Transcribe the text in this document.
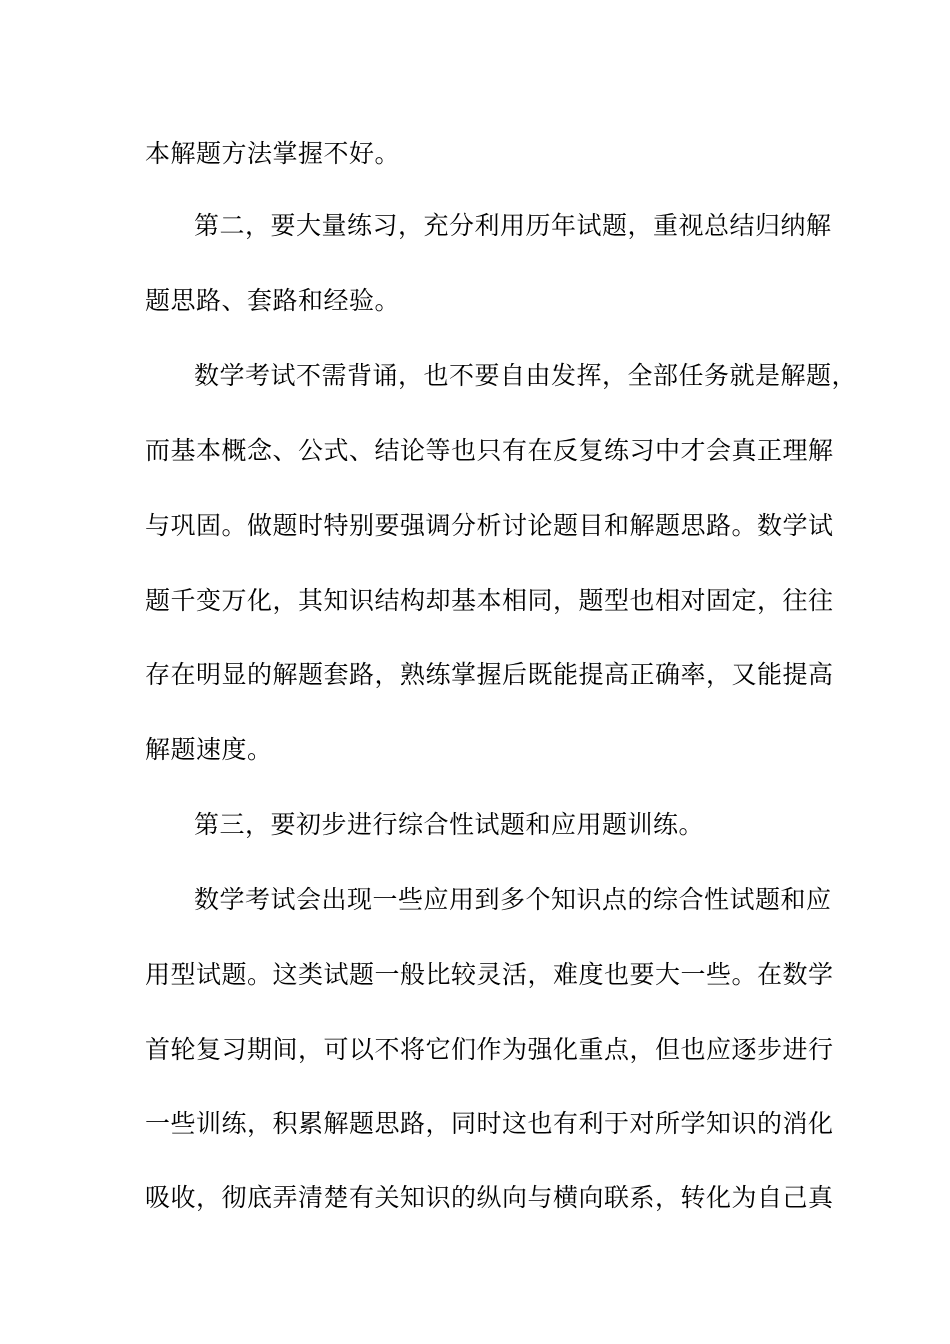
本解题方法掌握不好。
第二，要大量练习，充分利用历年试题，重视总结归纳解
题思路、套路和经验。
数学考试不需背诵，也不要自由发挥，全部任务就是解题，
而基本概念、公式、结论等也只有在反复练习中才会真正理解
与巩固。做题时特别要强调分析讨论题目和解题思路。数学试
题千变万化，其知识结构却基本相同，题型也相对固定，往往
存在明显的解题套路，熟练掌握后既能提高正确率，又能提高
解题速度。
第三，要初步进行综合性试题和应用题训练。
数学考试会出现一些应用到多个知识点的综合性试题和应
用型试题。这类试题一般比较灵活，难度也要大一些。在数学
首轮复习期间，可以不将它们作为强化重点，但也应逐步进行
一些训练，积累解题思路，同时这也有利于对所学知识的消化
吸收，彻底弄清楚有关知识的纵向与横向联系，转化为自己真
